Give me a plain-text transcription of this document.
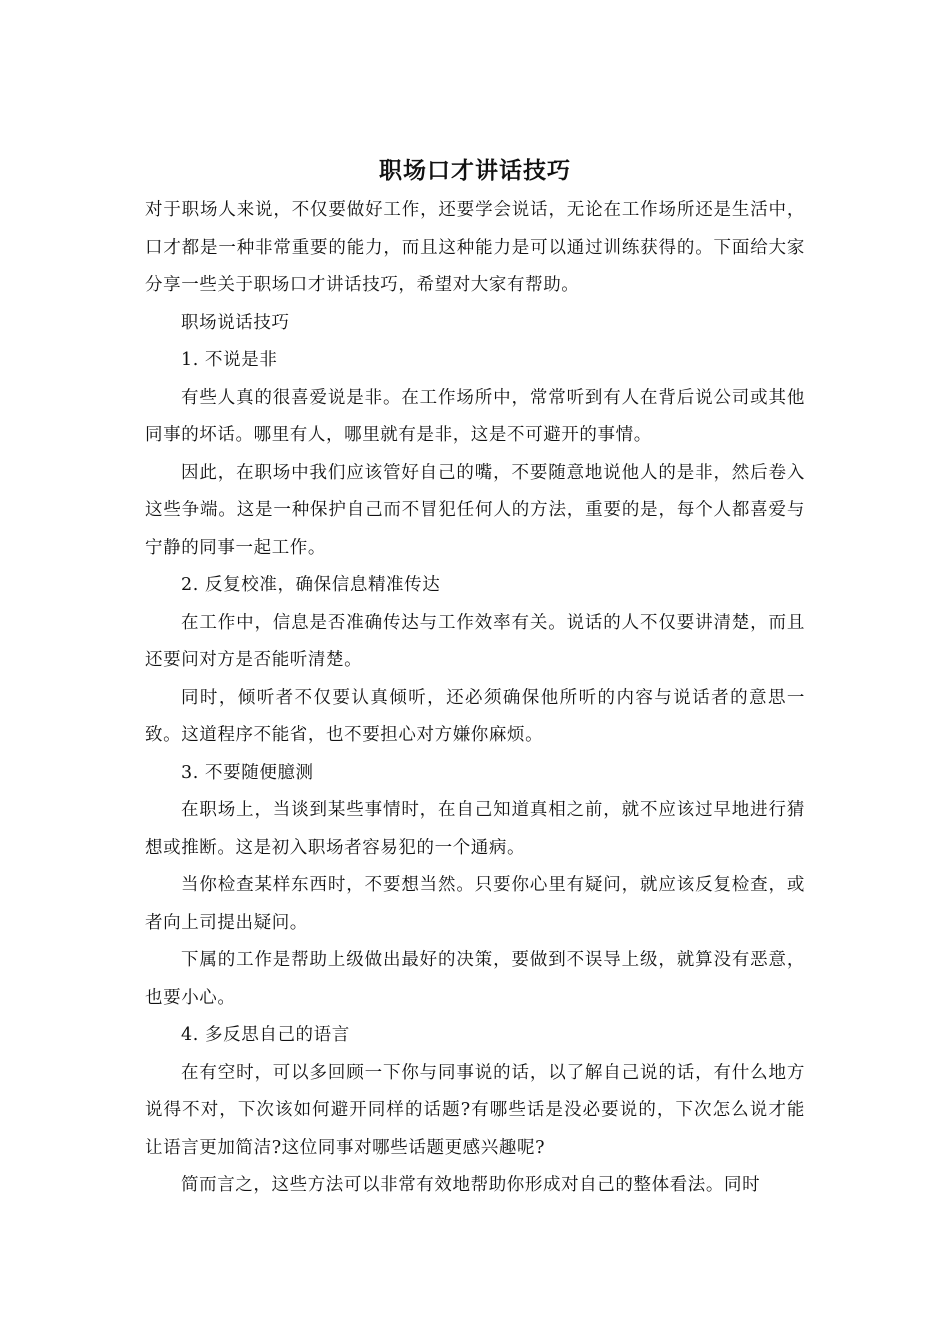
职场口才讲话技巧

对于职场人来说，不仅要做好工作，还要学会说话，无论在工作场所还是生活中，口才都是一种非常重要的能力，而且这种能力是可以通过训练获得的。下面给大家分享一些关于职场口才讲话技巧，希望对大家有帮助。

职场说话技巧

1. 不说是非

有些人真的很喜爱说是非。在工作场所中，常常听到有人在背后说公司或其他同事的坏话。哪里有人，哪里就有是非，这是不可避开的事情。

因此，在职场中我们应该管好自己的嘴，不要随意地说他人的是非，然后卷入这些争端。这是一种保护自己而不冒犯任何人的方法，重要的是，每个人都喜爱与宁静的同事一起工作。

2. 反复校准，确保信息精准传达

在工作中，信息是否准确传达与工作效率有关。说话的人不仅要讲清楚，而且还要问对方是否能听清楚。

同时，倾听者不仅要认真倾听，还必须确保他所听的内容与说话者的意思一致。这道程序不能省，也不要担心对方嫌你麻烦。

3. 不要随便臆测

在职场上，当谈到某些事情时，在自己知道真相之前，就不应该过早地进行猜想或推断。这是初入职场者容易犯的一个通病。

当你检查某样东西时，不要想当然。只要你心里有疑问，就应该反复检查，或者向上司提出疑问。

下属的工作是帮助上级做出最好的决策，要做到不误导上级，就算没有恶意，也要小心。

4. 多反思自己的语言

在有空时，可以多回顾一下你与同事说的话，以了解自己说的话，有什么地方说得不对，下次该如何避开同样的话题?有哪些话是没必要说的，下次怎么说才能让语言更加简洁?这位同事对哪些话题更感兴趣呢?

简而言之，这些方法可以非常有效地帮助你形成对自己的整体看法。同时
